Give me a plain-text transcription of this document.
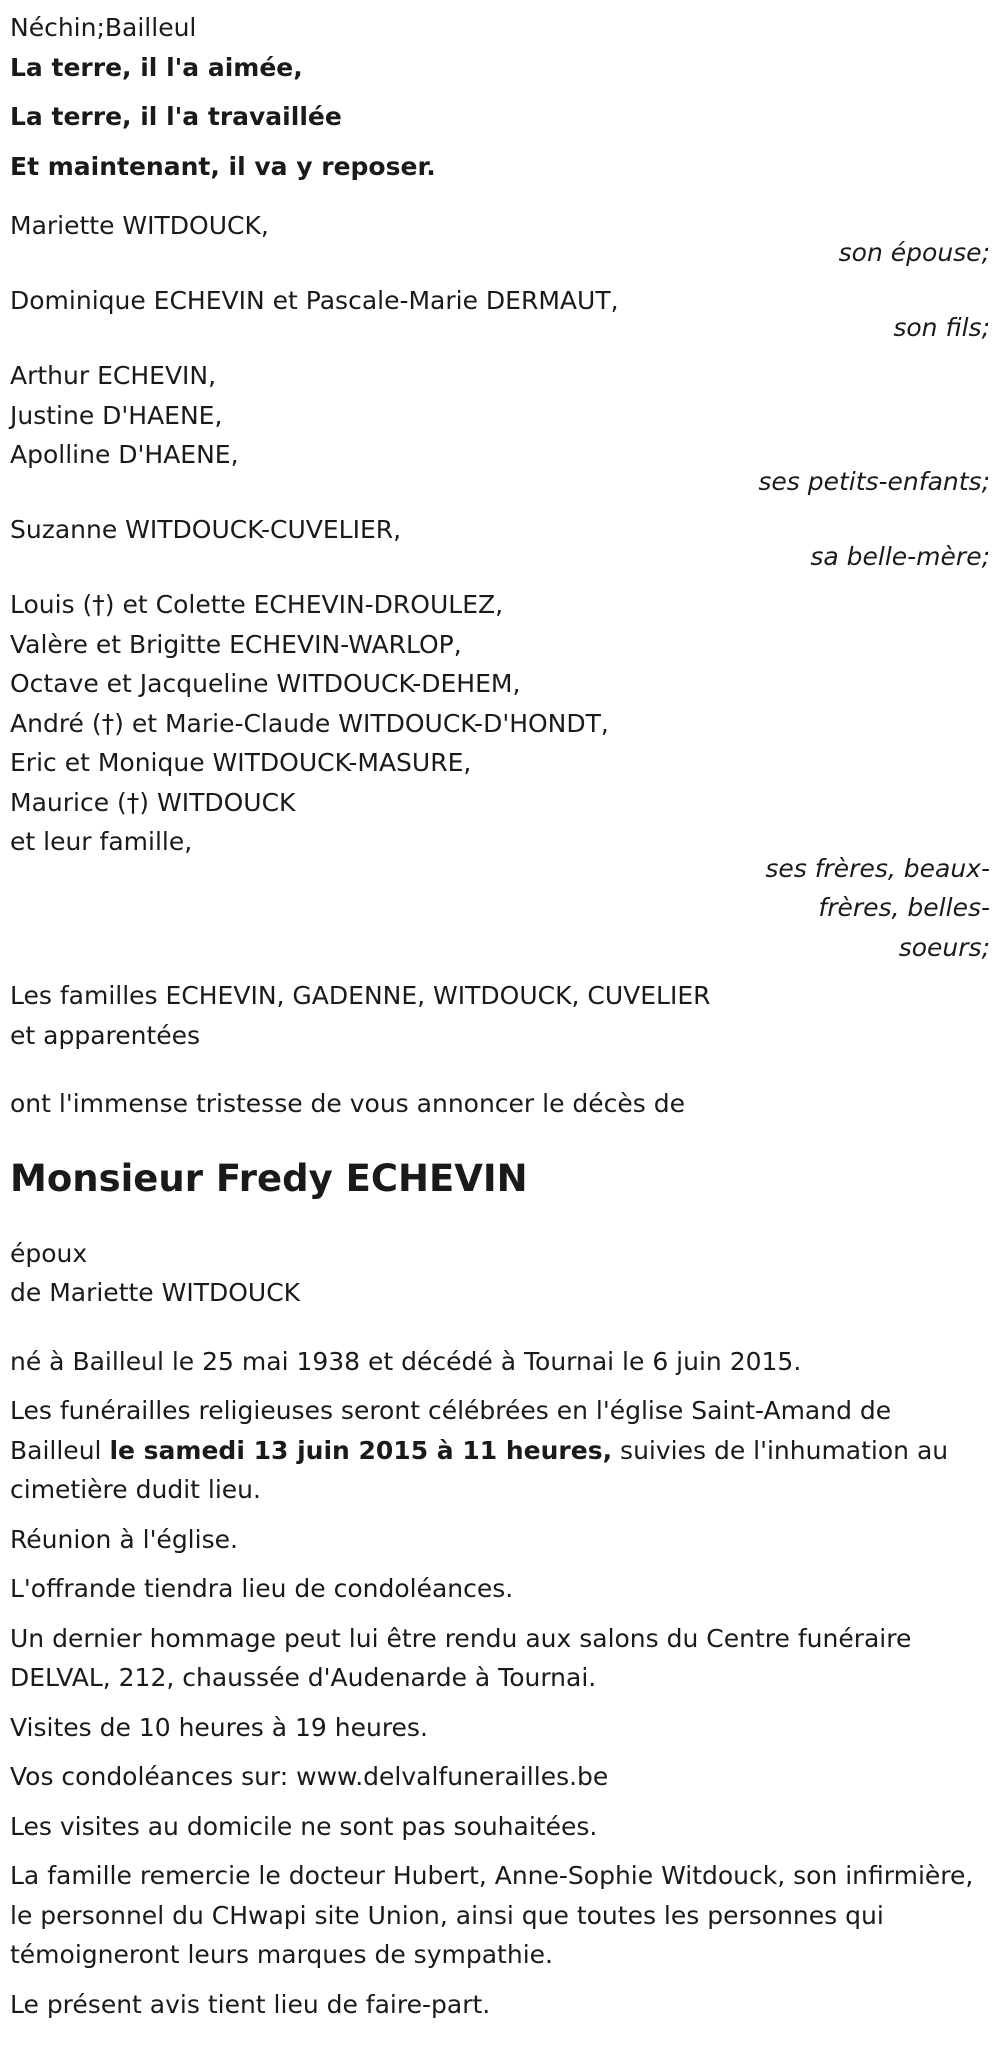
Néchin;Bailleul
La terre, il l'a aimée,
La terre, il l'a travaillée
Et maintenant, il va y reposer.
Mariette WITDOUCK,
son épouse;
Dominique ECHEVIN et Pascale-Marie DERMAUT,
son fils;
Arthur ECHEVIN,
Justine D'HAENE,
Apolline D'HAENE,
ses petits-enfants;
Suzanne WITDOUCK-CUVELIER,
sa belle-mère;
Louis (†) et Colette ECHEVIN-DROULEZ,
Valère et Brigitte ECHEVIN-WARLOP,
Octave et Jacqueline WITDOUCK-DEHEM,
André (†) et Marie-Claude WITDOUCK-D'HONDT,
Eric et Monique WITDOUCK-MASURE,
Maurice (†) WITDOUCK
et leur famille,
ses frères, beaux-
frères, belles-
soeurs;
Les familles ECHEVIN, GADENNE, WITDOUCK, CUVELIER
et apparentées
ont l'immense tristesse de vous annoncer le décès de
Monsieur Fredy ECHEVIN
époux
de Mariette WITDOUCK
né à Bailleul le 25 mai 1938 et décédé à Tournai le 6 juin 2015.
Les funérailles religieuses seront célébrées en l'église Saint-Amand de Bailleul le samedi 13 juin 2015 à 11 heures, suivies de l'inhumation au cimetière dudit lieu.
Réunion à l'église.
L'offrande tiendra lieu de condoléances.
Un dernier hommage peut lui être rendu aux salons du Centre funéraire DELVAL, 212, chaussée d'Audenarde à Tournai.
Visites de 10 heures à 19 heures.
Vos condoléances sur: www.delvalfunerailles.be
Les visites au domicile ne sont pas souhaitées.
La famille remercie le docteur Hubert, Anne-Sophie Witdouck, son infirmière, le personnel du CHwapi site Union, ainsi que toutes les personnes qui témoigneront leurs marques de sympathie.
Le présent avis tient lieu de faire-part.
